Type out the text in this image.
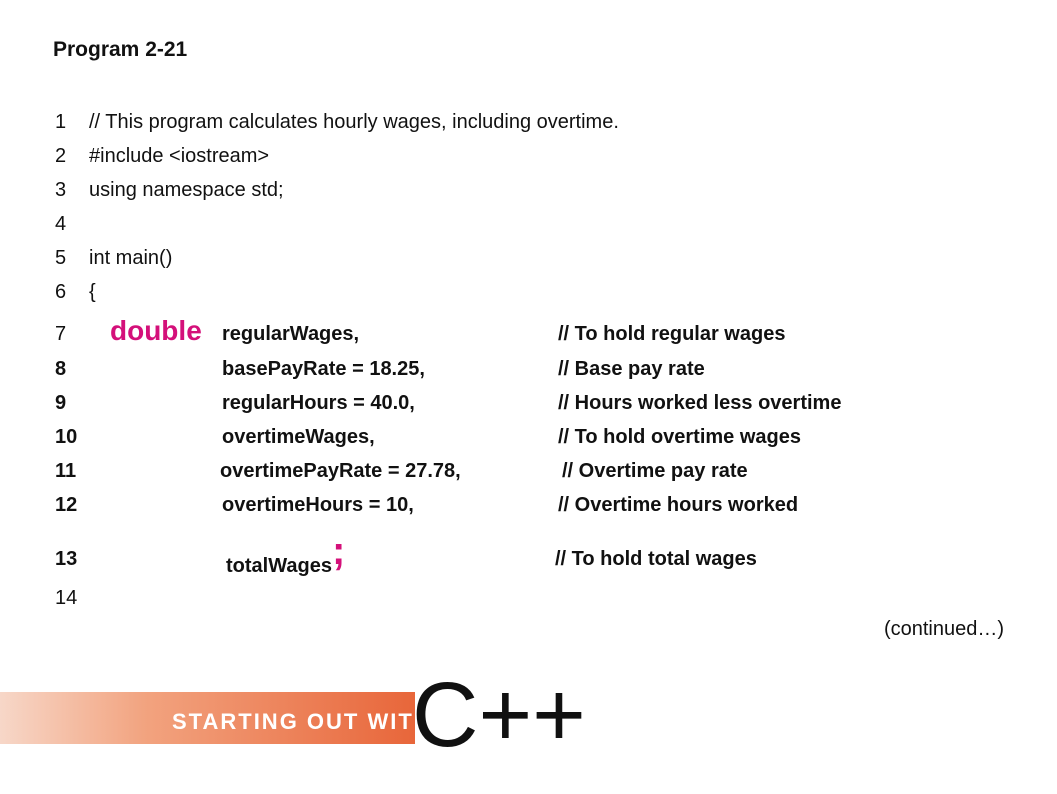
Program 2-21
1 // This program calculates hourly wages, including overtime.
2 #include <iostream>
3 using namespace std;
4
5 int main()
6 {
7 double regularWages,	// To hold regular wages
8	basePayRate = 18.25,	// Base pay rate
9	regularHours = 40.0,	// Hours worked less overtime
10	overtimeWages,	// To hold overtime wages
11	overtimePayRate = 27.78,	// Overtime pay rate
12	overtimeHours = 10,	// Overtime hours worked
13	totalWages;	// To hold total wages
14
(continued…)
STARTING OUT WITH
C++
